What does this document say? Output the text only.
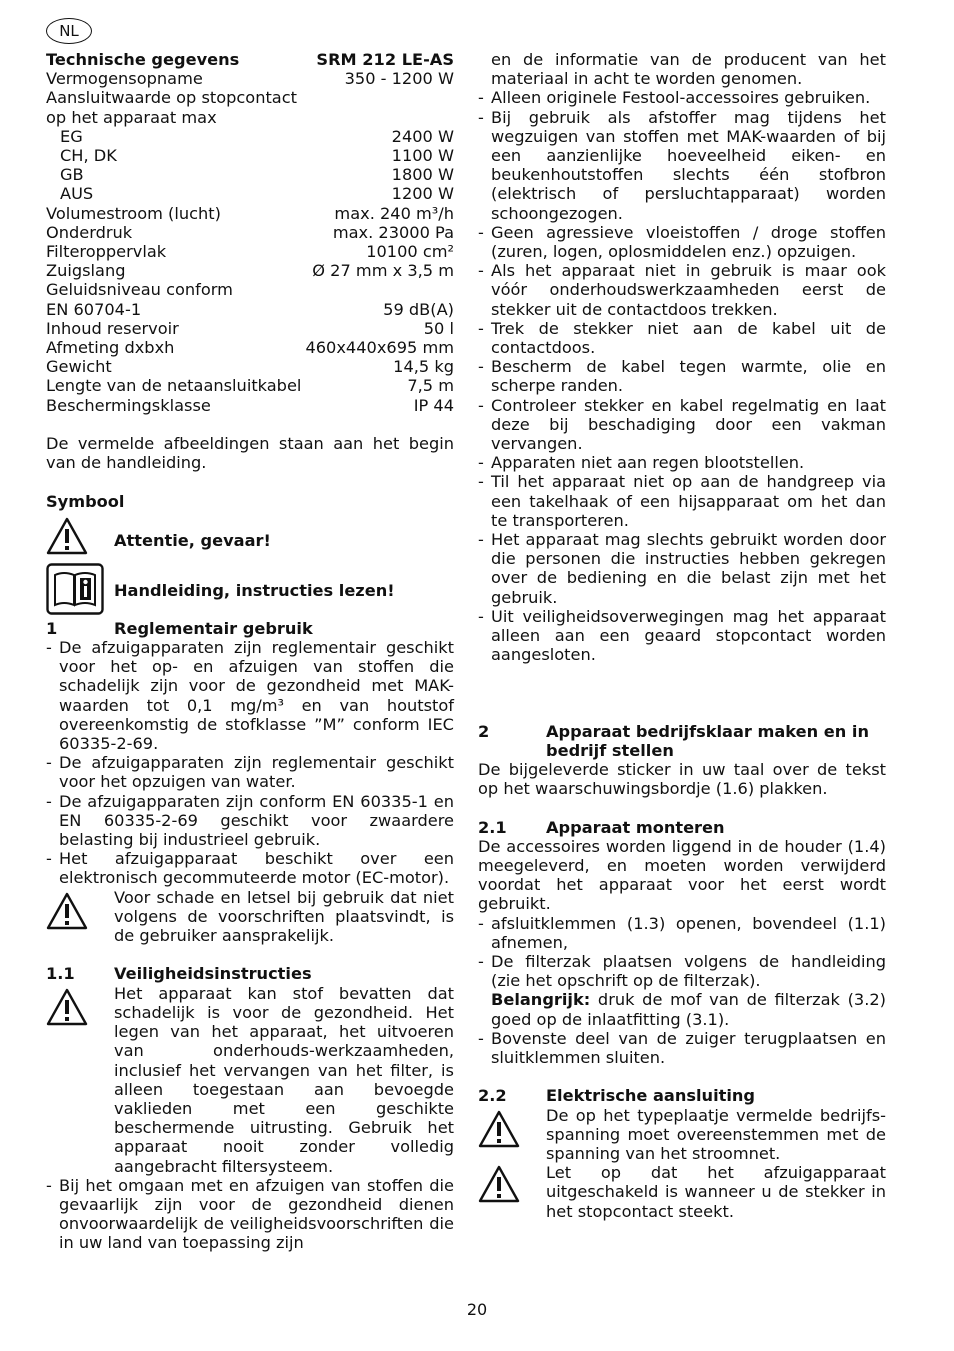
NL
Technische gegevens	SRM 212 LE-AS
Vermogensopname	350 - 1200 W
Aansluitwaarde op stopcontact
op het apparaat max
EG	2400 W
CH, DK	1100 W
GB	1800 W
AUS	1200 W
Volumestroom (lucht)	max. 240 m³/h
Onderdruk	max. 23000 Pa
Filteroppervlak	10100 cm²
Zuigslang	Ø 27 mm x 3,5 m
Geluidsniveau conform
EN 60704-1	59 dB(A)
Inhoud reservoir	50 l
Afmeting dxbxh	460x440x695 mm
Gewicht	14,5 kg
Lengte van de netaansluitkabel	7,5 m
Beschermingsklasse	IP 44
De vermelde afbeeldingen staan aan het begin van de handleiding.
Symbool
Attentie, gevaar!
Handleiding, instructies lezen!
1	Reglementair gebruik
- De afzuigapparaten zijn reglementair geschikt voor het op- en afzuigen van stoffen die schadelijk zijn voor de gezondheid met MAK-waarden tot 0,1 mg/m³ en van houtstof overeenkomstig de stofklasse ”M” conform IEC 60335-2-69.
- De afzuigapparaten zijn reglementair geschikt voor het opzuigen van water.
- De afzuigapparaten zijn conform EN 60335-1 en EN 60335-2-69 geschikt voor zwaardere belasting bij industrieel gebruik.
- Het afzuigapparaat beschikt over een elektronisch gecommuteerde motor (EC-motor).
Voor schade en letsel bij gebruik dat niet volgens de voorschriften plaatsvindt, is de gebruiker aansprakelijk.
1.1	Veiligheidsinstructies
Het apparaat kan stof bevatten dat schadelijk is voor de gezondheid. Het legen van het apparaat, het uitvoeren van onderhouds-werkzaamheden, inclusief het vervangen van het filter, is alleen toegestaan aan bevoegde vaklieden met een geschikte beschermende uitrusting. Gebruik het apparaat nooit zonder volledig aangebracht filtersysteem.
- Bij het omgaan met en afzuigen van stoffen die gevaarlijk zijn voor de gezondheid dienen onvoorwaardelijk de veiligheidsvoorschriften die in uw land van toepassing zijn
en de informatie van de producent van het materiaal in acht te worden genomen.
- Alleen originele Festool-accessoires gebruiken.
- Bij gebruik als afstoffer mag tijdens het wegzuigen van stoffen met MAK-waarden of bij een aanzienlijke hoeveelheid eiken- en beukenhoutstoffen slechts één stofbron (elektrisch of persluchtapparaat) worden schoongezogen.
- Geen agressieve vloeistoffen / droge stoffen (zuren, logen, oplosmiddelen enz.) opzuigen.
- Als het apparaat niet in gebruik is maar ook vóór onderhoudswerkzaamheden eerst de stekker uit de contactdoos trekken.
- Trek de stekker niet aan de kabel uit de contactdoos.
- Bescherm de kabel tegen warmte, olie en scherpe randen.
- Controleer stekker en kabel regelmatig en laat deze bij beschadiging door een vakman vervangen.
- Apparaten niet aan regen blootstellen.
- Til het apparaat niet op aan de handgreep via een takelhaak of een hijsapparaat om het dan te transporteren.
- Het apparaat mag slechts gebruikt worden door die personen die instructies hebben gekregen over de bediening en die belast zijn met het gebruik.
- Uit veiligheidsoverwegingen mag het apparaat alleen aan een geaard stopcontact worden aangesloten.
2	Apparaat bedrijfsklaar maken en in bedrijf stellen
De bijgeleverde sticker in uw taal over de tekst op het waarschuwingsbordje (1.6) plakken.
2.1	Apparaat monteren
De accessoires worden liggend in de houder (1.4) meegeleverd, en moeten worden verwijderd voordat het apparaat voor het eerst wordt gebruikt.
- afsluitklemmen (1.3) openen, bovendeel (1.1) afnemen,
- De filterzak plaatsen volgens de handleiding (zie het opschrift op de filterzak).
Belangrijk: druk de mof van de filterzak (3.2) goed op de inlaatfitting (3.1).
- Bovenste deel van de zuiger terugplaatsen en sluitklemmen sluiten.
2.2	Elektrische aansluiting
De op het typeplaatje vermelde bedrijfs-spanning moet overeenstemmen met de spanning van het stroomnet.
Let op dat het afzuigapparaat uitgeschakeld is wanneer u de stekker in het stopcontact steekt.
20
